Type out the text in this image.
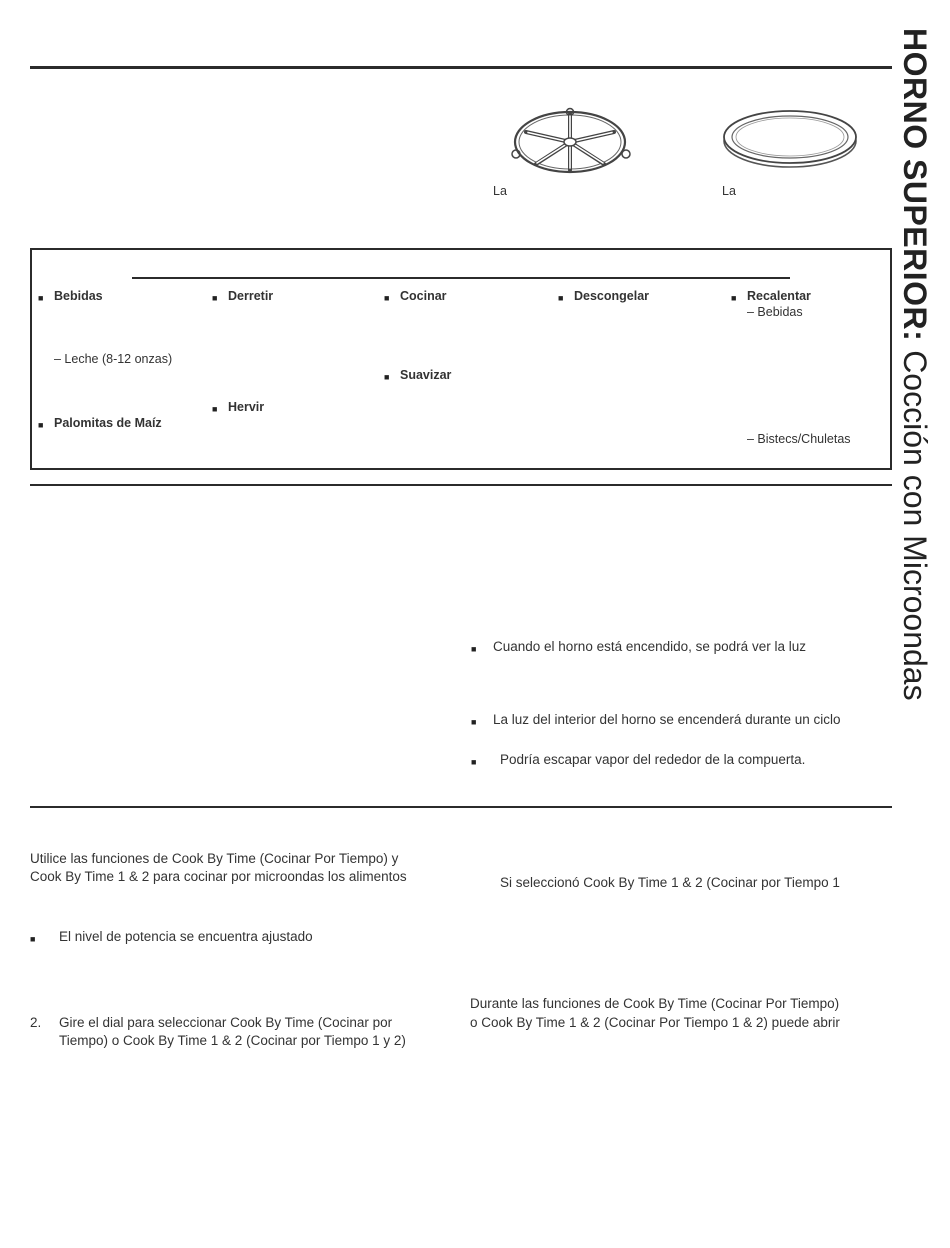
HORNO SUPERIOR: Cocción con Microondas
La	La
■ Bebidas	■ Derretir	■ Cocinar	■ Descongelar	■ Recalentar
– Bebidas
– Leche (8-12 onzas)
■ Suavizar
■ Hervir
■ Palomitas de Maíz
– Bistecs/Chuletas
■ Cuando el horno está encendido, se podrá ver la luz
■ La luz del interior del horno se encenderá durante un ciclo
■ Podría escapar vapor del rededor de la compuerta.
Utilice las funciones de Cook By Time (Cocinar Por Tiempo) y
Cook By Time 1 & 2 para cocinar por microondas los alimentos	Si seleccionó Cook By Time 1 & 2 (Cocinar por Tiempo 1
■ El nivel de potencia se encuentra ajustado
Durante las funciones de Cook By Time (Cocinar Por Tiempo)
o Cook By Time 1 & 2 (Cocinar Por Tiempo 1 & 2) puede abrir
2. Gire el dial para seleccionar Cook By Time (Cocinar por
Tiempo) o Cook By Time 1 & 2 (Cocinar por Tiempo 1 y 2)
